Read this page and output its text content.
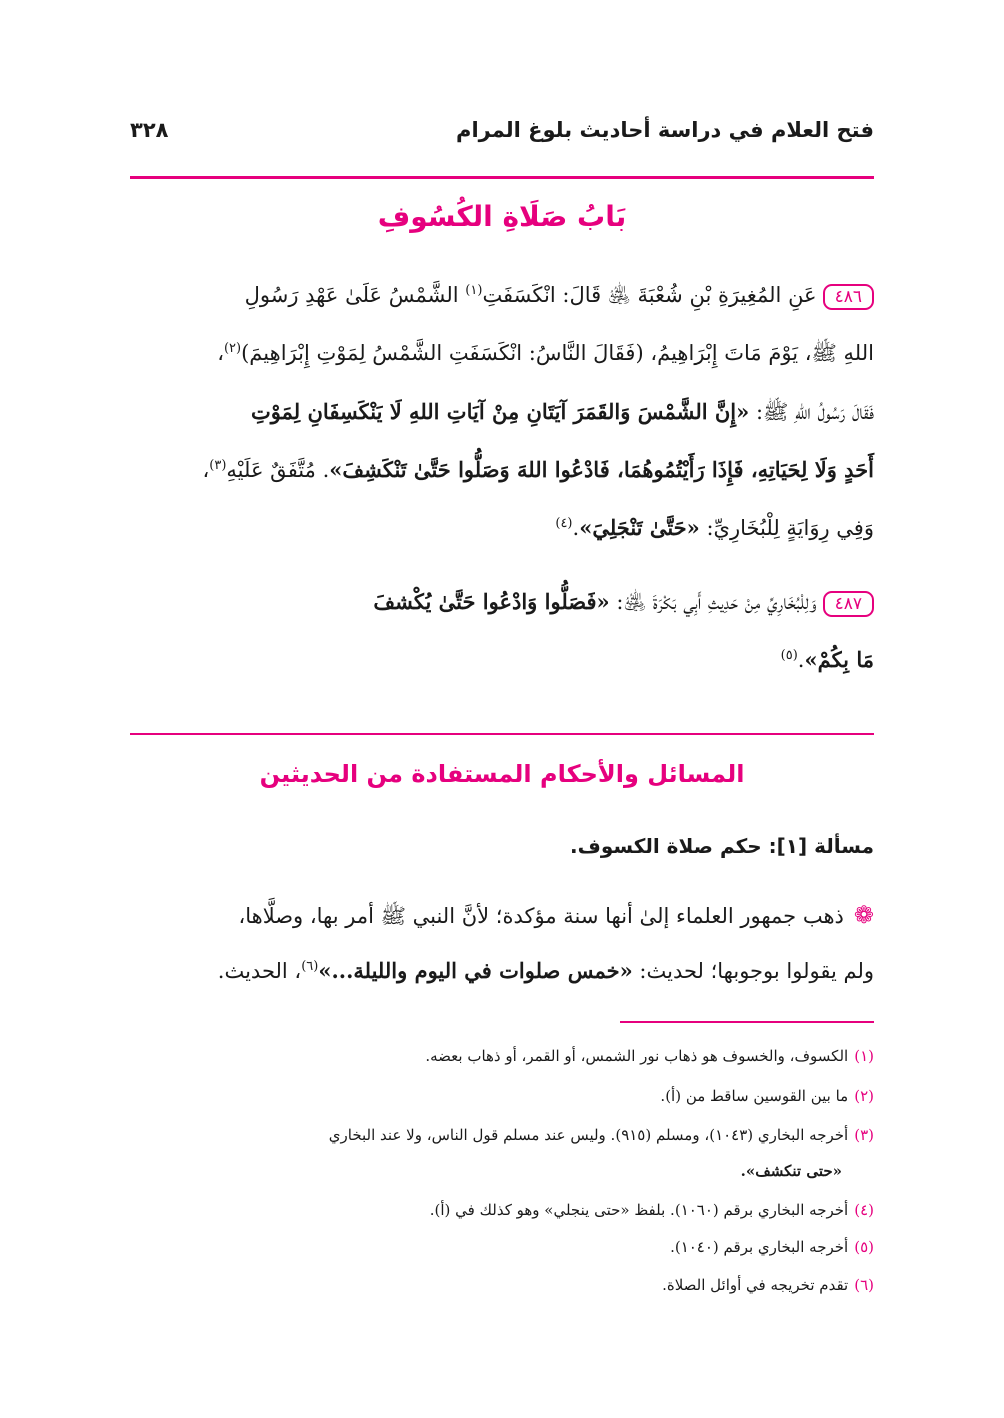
فتح العلام في دراسة أحاديث بلوغ المرام
٣٢٨
بَابُ صَلَاةِ الكُسُوفِ
٤٨٦عَنِ المُغِيرَةِ بْنِ شُعْبَةَ ﵁ قَالَ: انْكَسَفَتِ$^{(١)}$ الشَّمْسُ عَلَىٰ عَهْدِ رَسُولِ
اللهِ ﷺ، يَوْمَ مَاتَ إِبْرَاهِيمُ، (فَقَالَ النَّاسُ: انْكَسَفَتِ الشَّمْسُ لِمَوْتِ إِبْرَاهِيمَ)$^{(٢)}$،
فَقَالَ رَسُولُ اللهِ ﷺ: «إِنَّ الشَّمْسَ وَالقَمَرَ آيَتَانِ مِنْ آيَاتِ اللهِ لَا يَنْكَسِفَانِ لِمَوْتِ
أَحَدٍ وَلَا لِحَيَاتِهِ، فَإِذَا رَأَيْتُمُوهُمَا، فَادْعُوا اللهَ وَصَلُّوا حَتَّىٰ تَنْكَشِفَ». مُتَّفَقٌ عَلَيْهِ$^{(٣)}$،
وَفِي رِوَايَةٍ لِلْبُخَارِيِّ: «حَتَّىٰ تَنْجَلِيَ».$^{(٤)}$
٤٨٧وَلِلْبُخَارِيِّ مِنْ حَدِيثِ أَبِي بَكْرَةَ ﵁: «فَصَلُّوا وَادْعُوا حَتَّىٰ يُكْشفَ
مَا بِكُمْ».$^{(٥)}$
المسائل والأحكام المستفادة من الحديثين
مسألة [١]: حكم صلاة الكسوف.
❁ذهب جمهور العلماء إلىٰ أنها سنة مؤكدة؛ لأنَّ النبي ﷺ أمر بها، وصلَّاها،
ولم يقولوا بوجوبها؛ لحديث: «خمس صلوات في اليوم والليلة...»$^{(٦)}$، الحديث.
(١)الكسوف، والخسوف هو ذهاب نور الشمس، أو القمر، أو ذهاب بعضه.
(٢)ما بين القوسين ساقط من (أ).
(٣)أخرجه البخاري (١٠٤٣)، ومسلم (٩١٥). وليس عند مسلم قول الناس، ولا عند البخاري
«حتى تنكشف».
(٤)أخرجه البخاري برقم (١٠٦٠). بلفظ «حتى ينجلي» وهو كذلك في (أ).
(٥)أخرجه البخاري برقم (١٠٤٠).
(٦)تقدم تخريجه في أوائل الصلاة.
